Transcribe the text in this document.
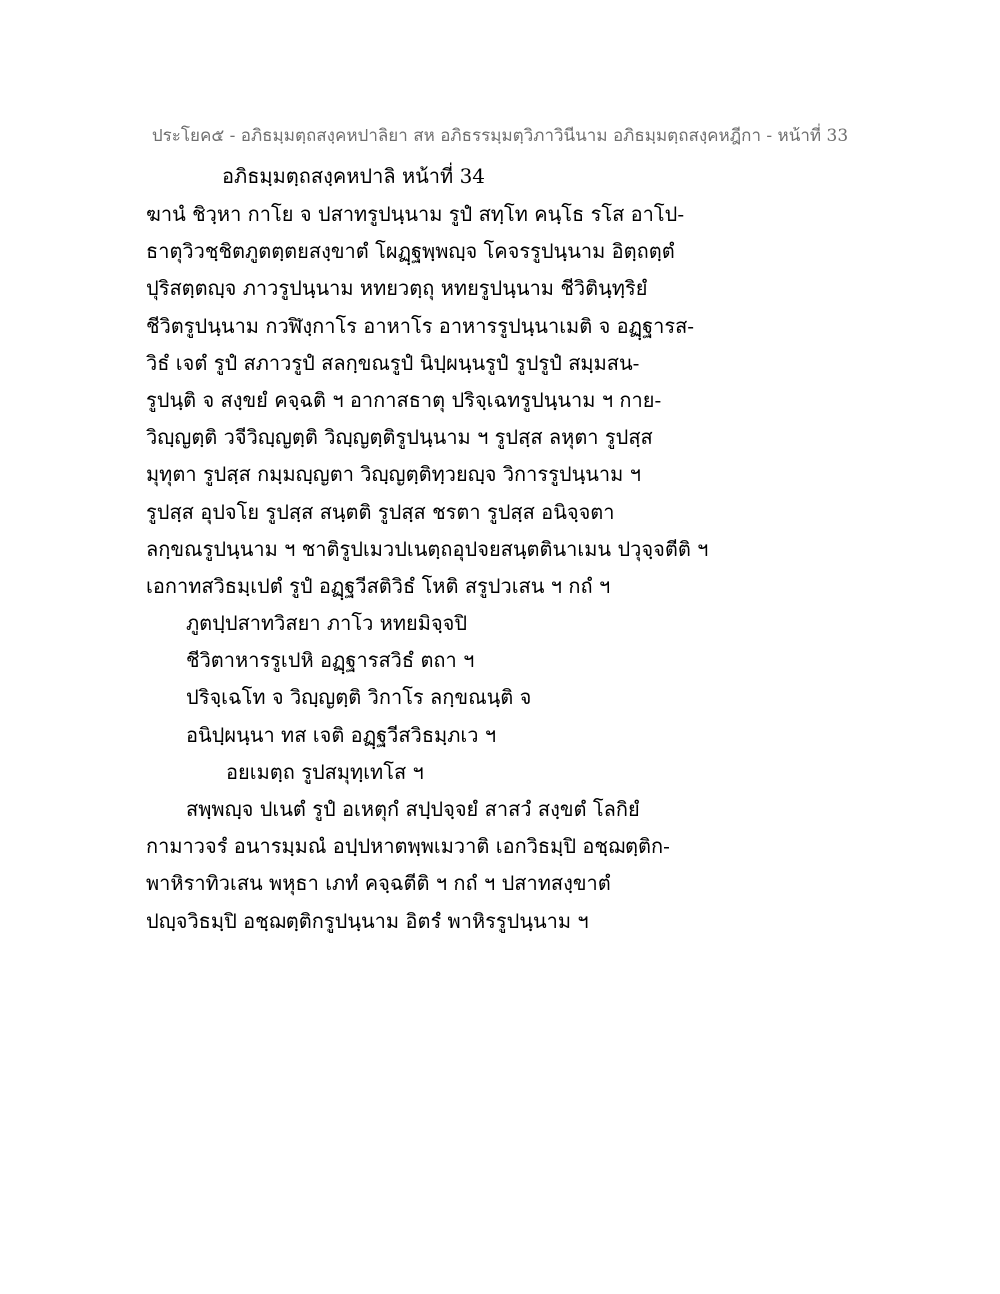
ประโยค๕ - อภิธมฺมตฺถสงฺคหปาลิยา สห อภิธรรมฺมตฺวิภาวินีนาม อภิธมฺมตฺถสงฺคหฎีกา - หน้าที่ 33
อภิธมฺมตฺถสงฺคหปาลิ หน้าที่ 34
ฆานํ ชิวฺหา กาโย จ ปสาทรูปนฺนาม รูปํ สทฺโท คนฺโธ รโส อาโป-
ธาตุวิวชฺชิตภูตตฺตยสงฺขาตํ โผฏฺฐพฺพญฺจ โคจรรูปนฺนาม อิตฺถตฺตํ
ปุริสตฺตญฺจ ภาวรูปนฺนาม หทยวตฺถุ หทยรูปนฺนาม ชีวิตินฺทฺริยํ
ชีวิตรูปนฺนาม กวฬิงฺกาโร อาหาโร อาหารรูปนฺนาเมติ จ อฏฺฐารส-
วิธํ เจตํ รูปํ สภาวรูปํ สลกฺขณรูปํ นิปฺผนฺนรูปํ รูปรูปํ สมฺมสน-
รูปนฺติ จ สงฺขยํ คจฺฉติ ฯ อากาสธาตุ ปริจฺเฉทรูปนฺนาม ฯ กาย-
วิญฺญตฺติ วจีวิญฺญตฺติ วิญฺญตฺติรูปนฺนาม ฯ รูปสฺส ลหุตา รูปสฺส
มุทุตา รูปสฺส กมฺมญฺญตา วิญฺญตฺติทฺวยญฺจ วิการรูปนฺนาม ฯ
รูปสฺส อุปจโย รูปสฺส สนฺตติ รูปสฺส ชรตา รูปสฺส อนิจฺจตา
ลกฺขณรูปนฺนาม ฯ ชาติรูปเมวปเนตฺถอุปจยสนฺตตินาเมน ปวุจฺจตีติ ฯ
เอกาทสวิธมฺเปตํ รูปํ อฏฺฐวีสติวิธํ โหติ สรูปวเสน ฯ กถํ ฯ
ภูตปฺปสาทวิสยา ภาโว หทยมิจฺจปิ
ชีวิตาหารรูเปหิ อฏฺฐารสวิธํ ตถา ฯ
ปริจฺเฉโท จ วิญฺญตฺติ วิกาโร ลกฺขณนฺติ จ
อนิปฺผนฺนา ทส เจติ อฏฺฐวีสวิธมฺภเว ฯ
อยเมตฺถ รูปสมุทฺเทโส ฯ
สพฺพญฺจ ปเนตํ รูปํ อเหตุกํ สปฺปจฺจยํ สาสวํ สงฺขตํ โลกิยํ
กามาวจรํ อนารมฺมณํ อปฺปหาตพฺพเมวาติ เอกวิธมฺปิ อชฺฌตฺติก-
พาหิราทิวเสน พหุธา เภทํ คจฺฉตีติ ฯ กถํ ฯ ปสาทสงฺขาตํ
ปญฺจวิธมฺปิ อชฺฌตฺติกรูปนฺนาม อิตรํ พาหิรรูปนฺนาม ฯ
